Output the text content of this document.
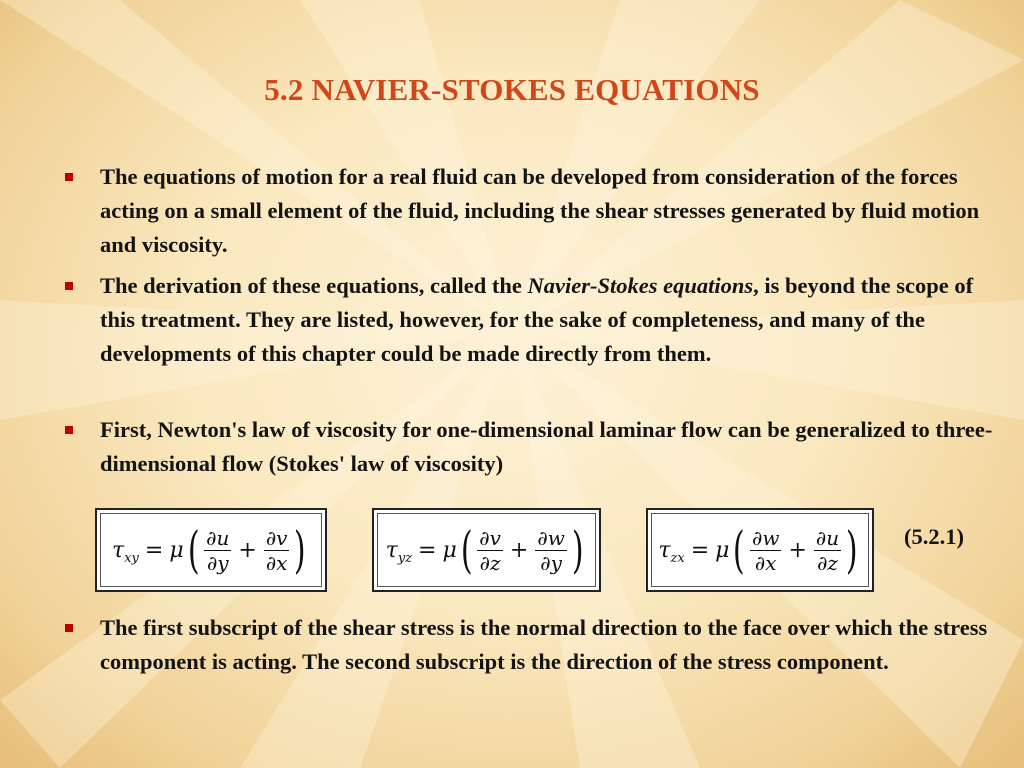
5.2 NAVIER-STOKES EQUATIONS
The equations of motion for a real fluid can be developed from consideration of the forces acting on a small element of the fluid, including the shear stresses generated by fluid motion and viscosity.
The derivation of these equations, called the Navier-Stokes equations, is beyond the scope of this treatment. They are listed, however, for the sake of completeness, and many of the developments of this chapter could be made directly from them.
First, Newton's law of viscosity for one-dimensional laminar flow can be generalized to three-dimensional flow (Stokes' law of viscosity)
τ xy = μ ( $\frac{\partial u}{\partial y} + \frac{\partial v}{\partial x}$ )	τ yz = μ ( $\frac{\partial v}{\partial z} + \frac{\partial w}{\partial y}$ )	τ zx = μ ( $\frac{\partial w}{\partial x} + \frac{\partial u}{\partial z}$ ) (5.2.1)
The first subscript of the shear stress is the normal direction to the face over which the stress component is acting. The second subscript is the direction of the stress component.
